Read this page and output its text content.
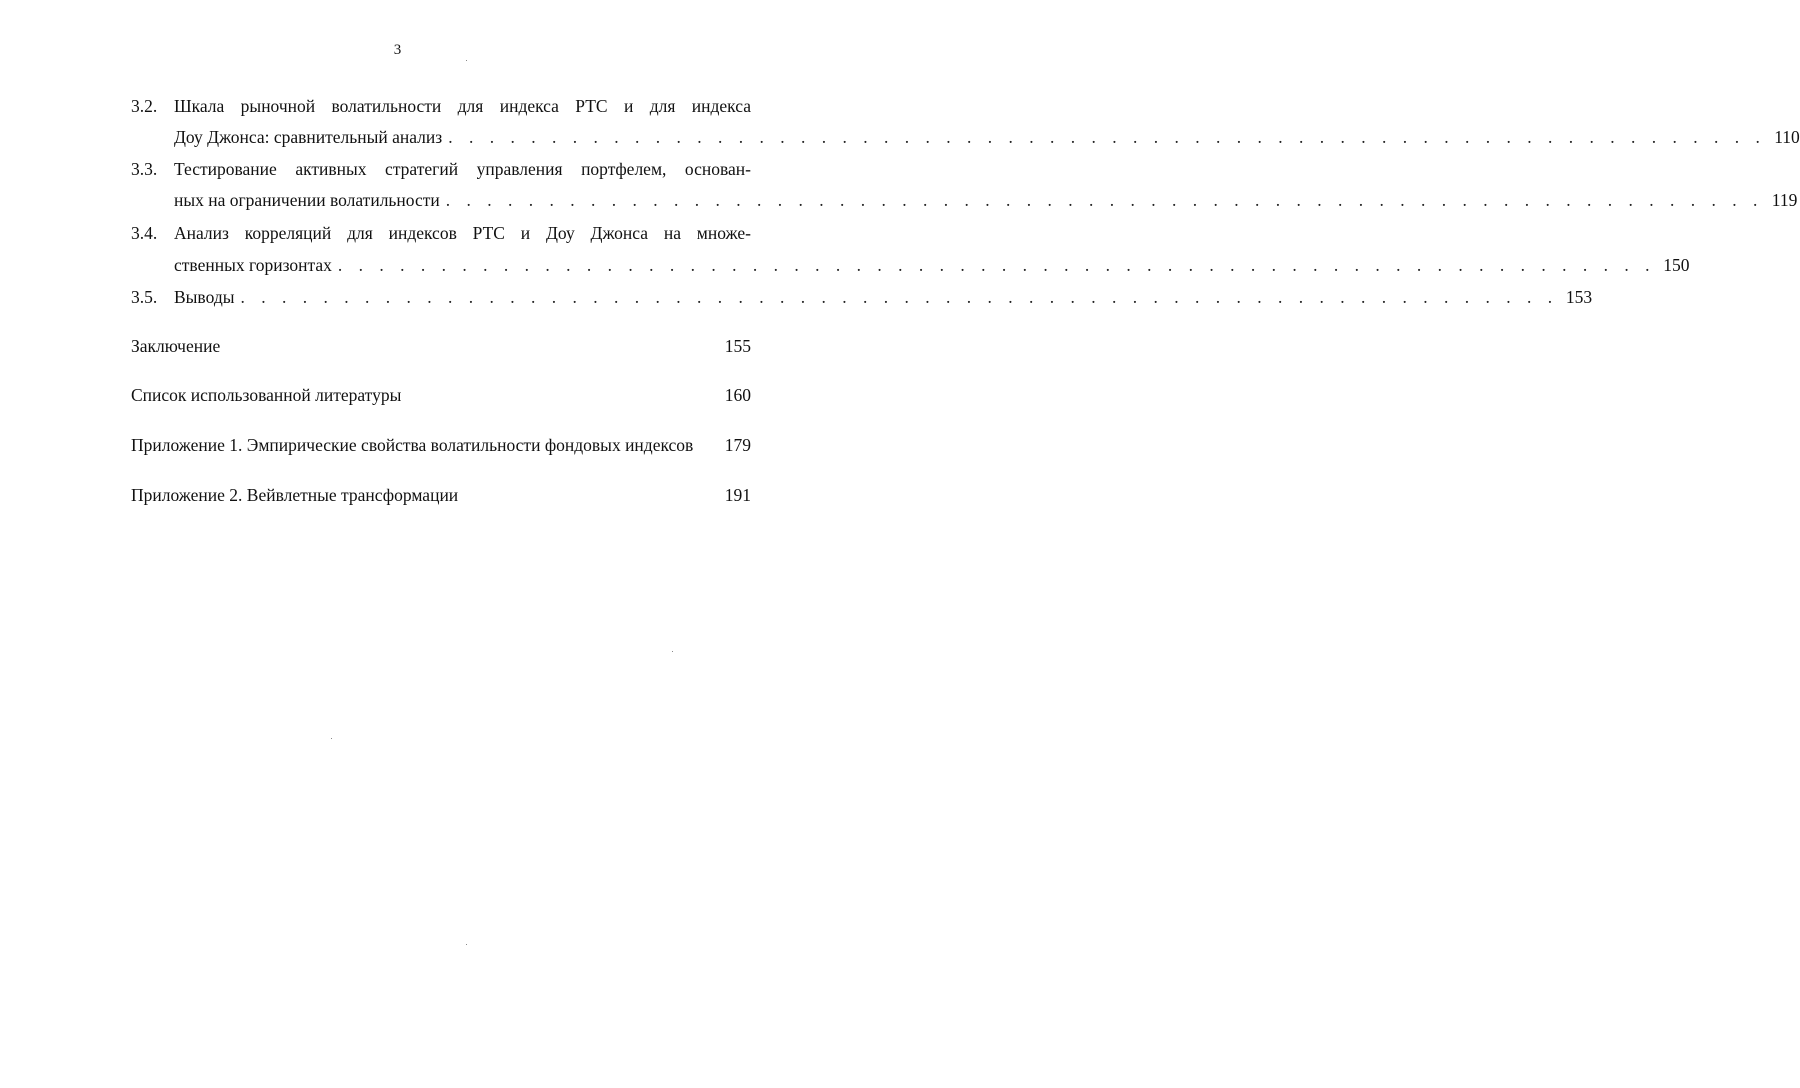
3
3.2. Шкала рыночной волатильности для индекса РТС и для индекса
Доу Джонса: сравнительный анализ . . . . . . . . . . . . . . . . . . . . . . . . . . . . . . . . . . . . . . . . . . . . . . . . . . . . . . . . . . . . . . . . 110
3.3. Тестирование активных стратегий управления портфелем, основан-
ных на ограничении волатильности . . . . . . . . . . . . . . . . . . . . . . . . . . . . . . . . . . . . . . . . . . . . . . . . . . . . . . . . . . . . . . . . 119
3.4. Анализ корреляций для индексов РТС и Доу Джонса на множе-
ственных горизонтах . . . . . . . . . . . . . . . . . . . . . . . . . . . . . . . . . . . . . . . . . . . . . . . . . . . . . . . . . . . . . . . . 150
3.5. Выводы . . . . . . . . . . . . . . . . . . . . . . . . . . . . . . . . . . . . . . . . . . . . . . . . . . . . . . . . . . . . . . . . 153
Заключение	155
Список использованной литературы	160
Приложение 1. Эмпирические свойства волатильности фондовых индексов	179
Приложение 2. Вейвлетные трансформации	191
